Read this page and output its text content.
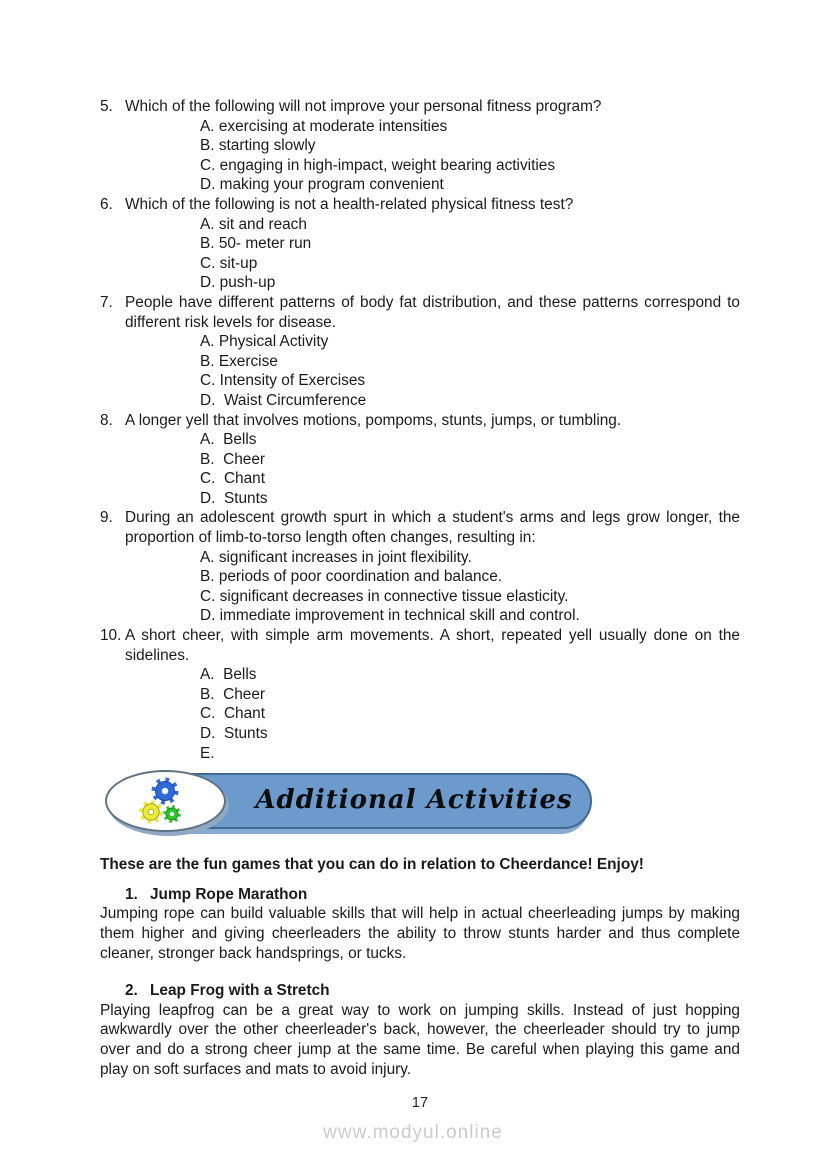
5. Which of the following will not improve your personal fitness program?
A. exercising at moderate intensities
B. starting slowly
C. engaging in high-impact, weight bearing activities
D. making your program convenient
6. Which of the following is not a health-related physical fitness test?
A. sit and reach
B. 50- meter run
C. sit-up
D. push-up
7. People have different patterns of body fat distribution, and these patterns correspond to different risk levels for disease.
A. Physical Activity
B. Exercise
C. Intensity of Exercises
D.  Waist Circumference
8. A longer yell that involves motions, pompoms, stunts, jumps, or tumbling.
A.  Bells
B.  Cheer
C.  Chant
D.  Stunts
9. During an adolescent growth spurt in which a student's arms and legs grow longer, the proportion of limb-to-torso length often changes, resulting in:
A. significant increases in joint flexibility.
B. periods of poor coordination and balance.
C. significant decreases in connective tissue elasticity.
D. immediate improvement in technical skill and control.
10. A short cheer, with simple arm movements. A short, repeated yell usually done on the sidelines.
A.  Bells
B.  Cheer
C.  Chant
D.  Stunts
E.
Additional Activities

These are the fun games that you can do in relation to Cheerdance! Enjoy!

1. Jump Rope Marathon

Jumping rope can build valuable skills that will help in actual cheerleading jumps by making them higher and giving cheerleaders the ability to throw stunts harder and thus complete cleaner, stronger back handsprings, or tucks.

2. Leap Frog with a Stretch

Playing leapfrog can be a great way to work on jumping skills. Instead of just hopping awkwardly over the other cheerleader's back, however, the cheerleader should try to jump over and do a strong cheer jump at the same time. Be careful when playing this game and play on soft surfaces and mats to avoid injury.

17
www.modyul.online
